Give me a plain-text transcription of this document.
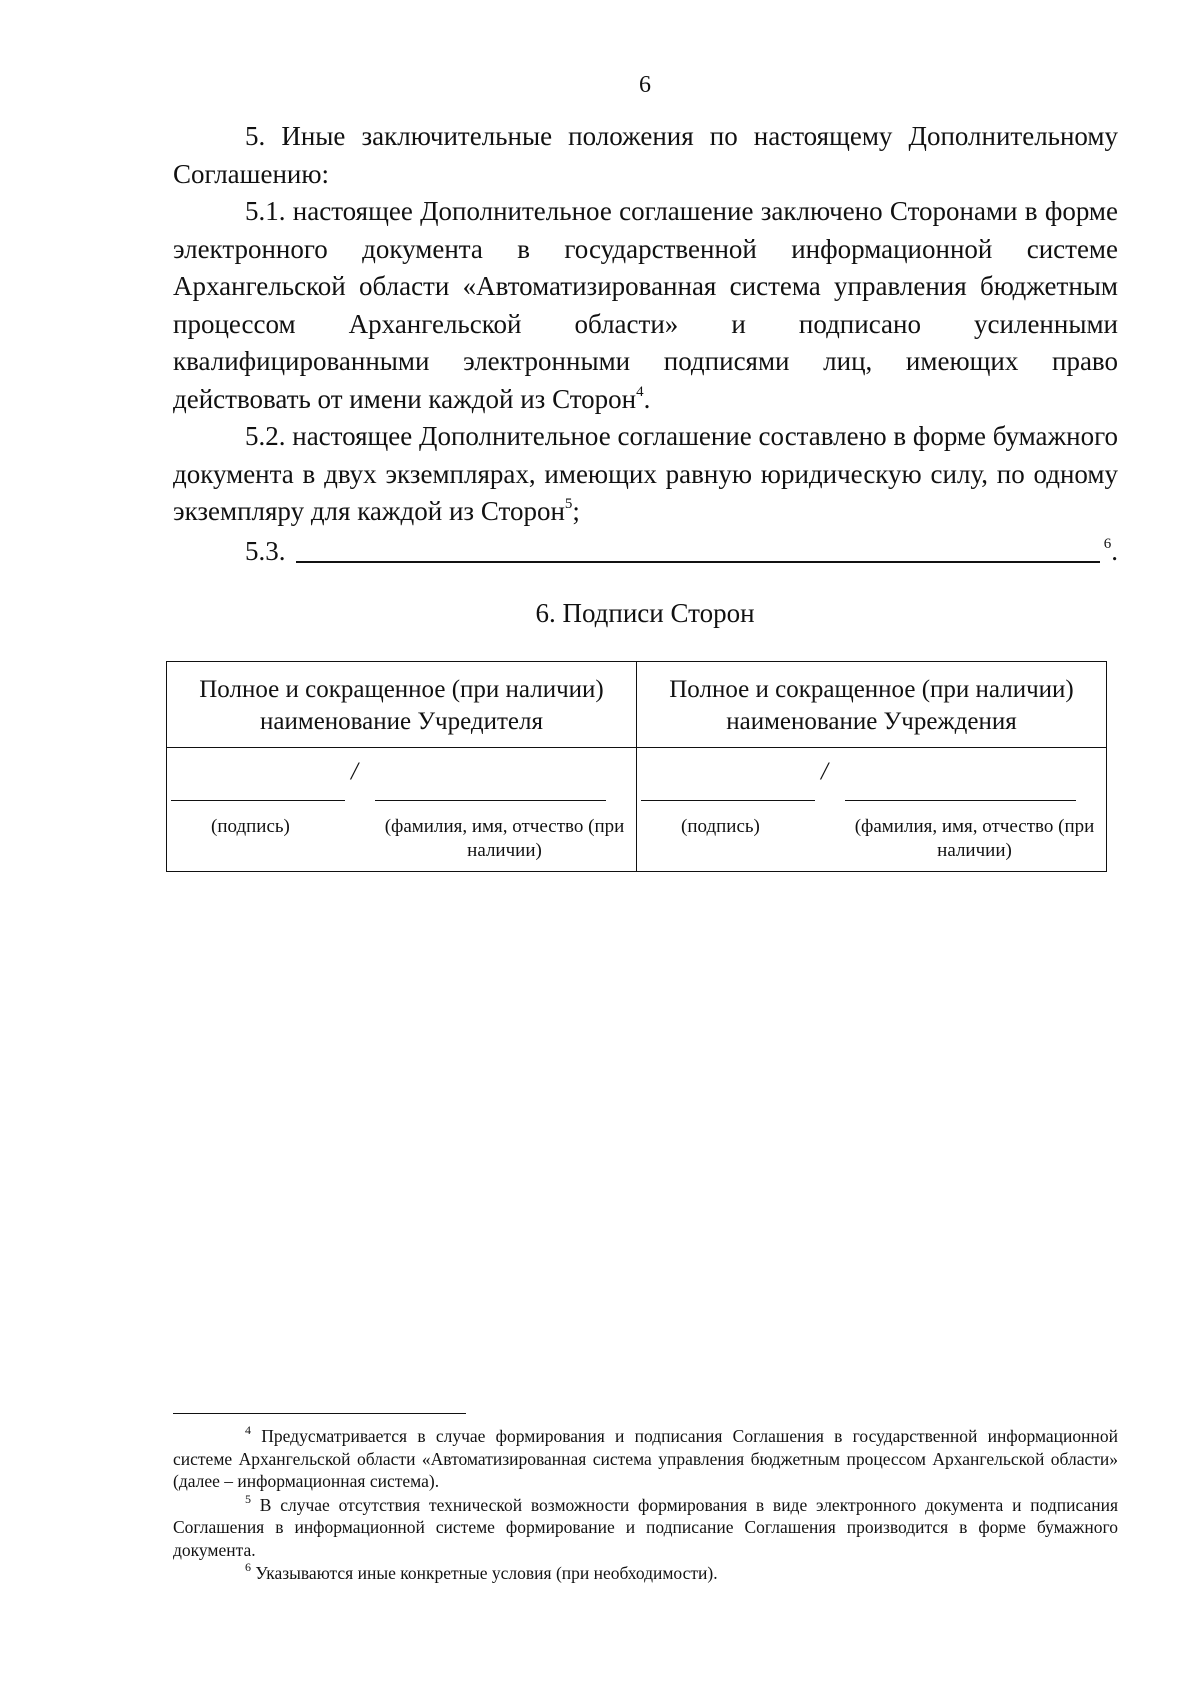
6

5. Иные заключительные положения по настоящему Дополнительному Соглашению:

5.1. настоящее Дополнительное соглашение заключено Сторонами в форме электронного документа в государственной информационной системе Архангельской области «Автоматизированная система управления бюджетным процессом Архангельской области» и подписано усиленными квалифицированными электронными подписями лиц, имеющих право действовать от имени каждой из Сторон$^4$.

5.2. настоящее Дополнительное соглашение составлено в форме бумажного документа в двух экземплярах, имеющих равную юридическую силу, по одному экземпляру для каждой из Сторон$^5$;

5.3.	$^6$.

6. Подписи Сторон
Полное и сокращенное (при наличии) наименование Учредителя	Полное и сокращенное (при наличии) наименование Учреждения

/	/

(подпись) (фамилия, имя, отчество (при наличии)	(подпись) (фамилия, имя, отчество (при наличии)

$^4$ Предусматривается в случае формирования и подписания Соглашения в государственной информационной системе Архангельской области «Автоматизированная система управления бюджетным процессом Архангельской области» (далее – информационная система).

$^5$ В случае отсутствия технической возможности формирования в виде электронного документа и подписания Соглашения в информационной системе формирование и подписание Соглашения производится в форме бумажного документа.

$^6$ Указываются иные конкретные условия (при необходимости).
